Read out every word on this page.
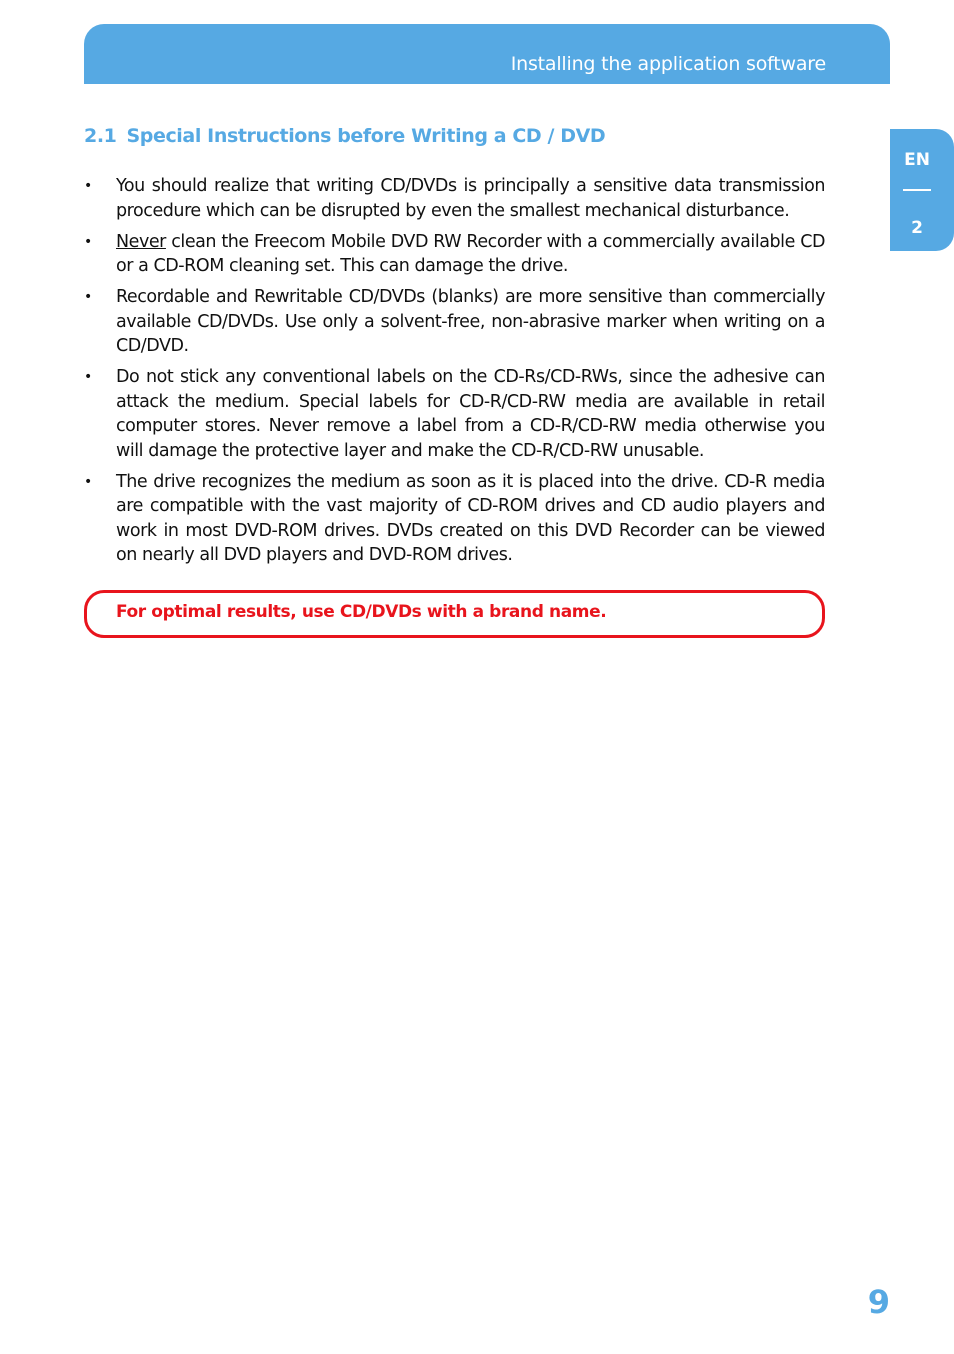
Installing the application software
EN
2
2.1 Special Instructions before Writing a CD / DVD
• You should realize that writing CD/DVDs is principally a sensitive data transmission procedure which can be disrupted by even the smallest mechanical disturbance.
• Never clean the Freecom Mobile DVD RW Recorder with a commercially available CD or a CD-ROM cleaning set. This can damage the drive.
• Recordable and Rewritable CD/DVDs (blanks) are more sensitive than commercially available CD/DVDs. Use only a solvent-free, non-abrasive marker when writing on a CD/DVD.
• Do not stick any conventional labels on the CD-Rs/CD-RWs, since the adhesive can attack the medium. Special labels for CD-R/CD-RW media are available in retail computer stores. Never remove a label from a CD-R/CD-RW media otherwise you will damage the protective layer and make the CD-R/CD-RW unusable.
• The drive recognizes the medium as soon as it is placed into the drive. CD-R media are compatible with the vast majority of CD-ROM drives and CD audio players and work in most DVD-ROM drives. DVDs created on this DVD Recorder can be viewed on nearly all DVD players and DVD-ROM drives.
For optimal results, use CD/DVDs with a brand name.
9
